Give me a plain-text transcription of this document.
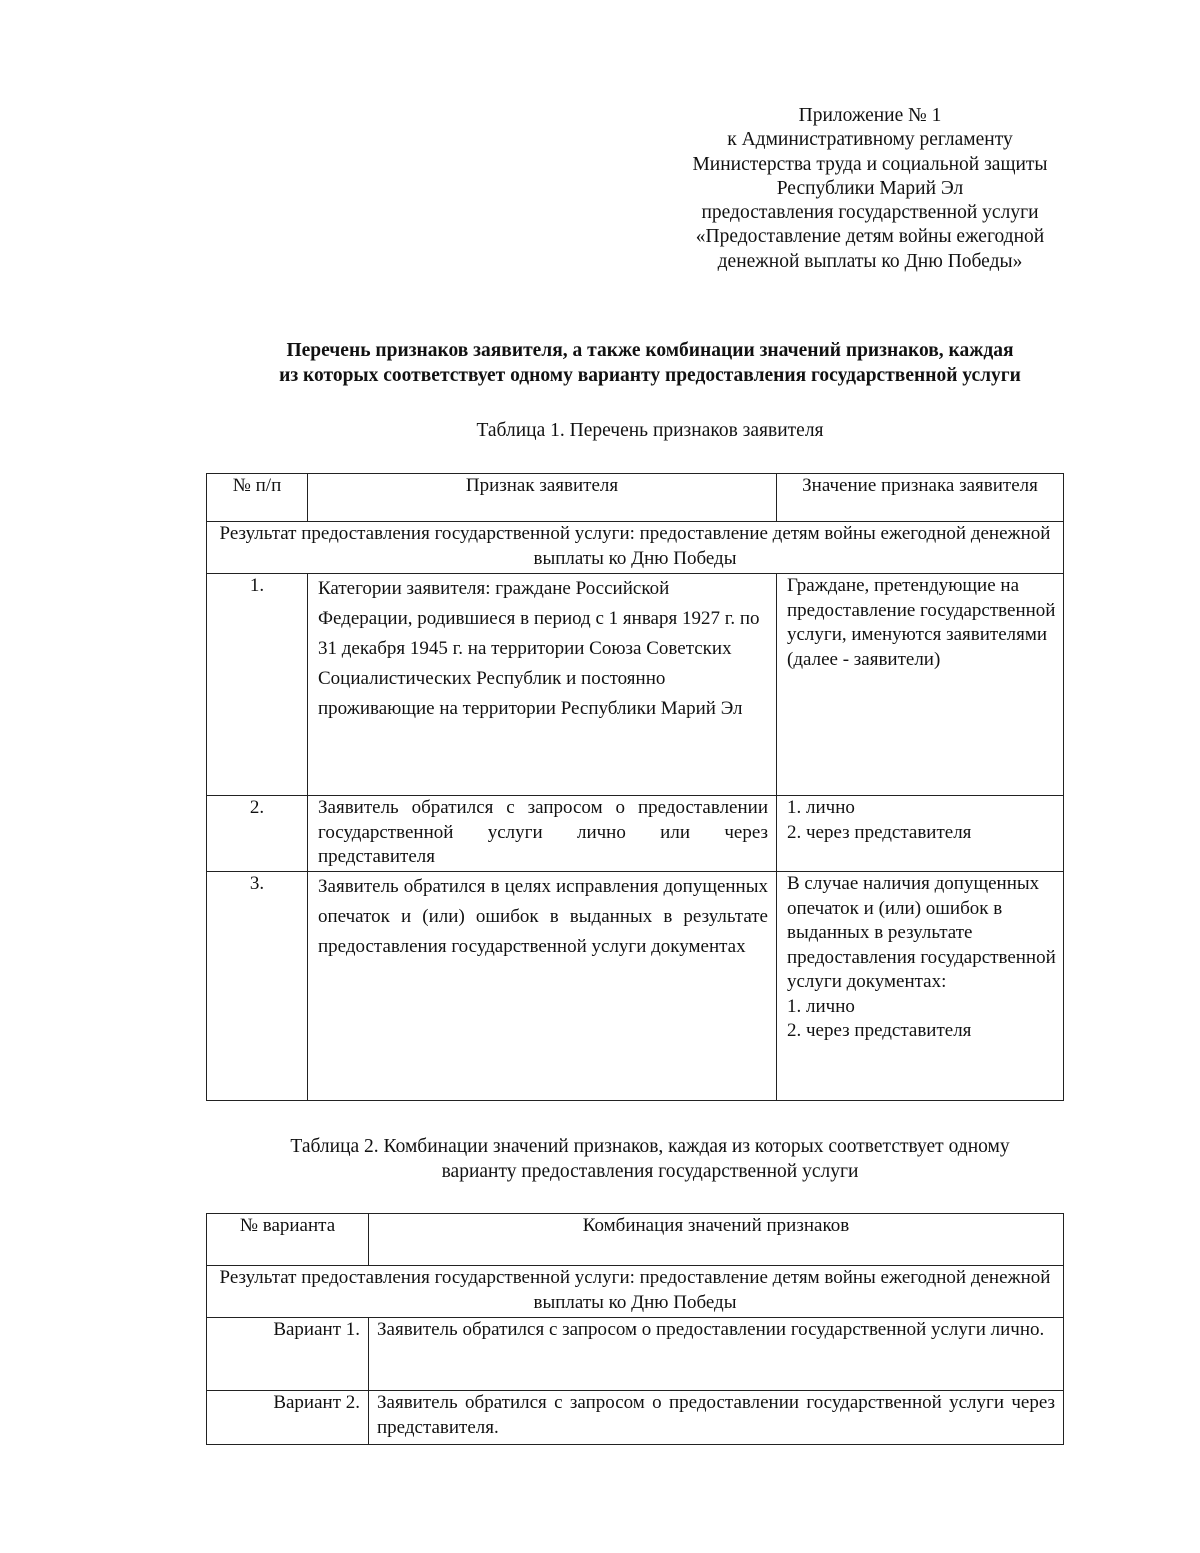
Приложение № 1
к Административному регламенту
Министерства труда и социальной защиты
Республики Марий Эл
предоставления государственной услуги
«Предоставление детям войны ежегодной
денежной выплаты ко Дню Победы»
Перечень признаков заявителя, а также комбинации значений признаков, каждая
из которых соответствует одному варианту предоставления государственной услуги
Таблица 1. Перечень признаков заявителя
№ п/п	Признак заявителя	Значение признака заявителя
Результат предоставления государственной услуги: предоставление детям войны ежегодной денежной выплаты ко Дню Победы		
1.	Категории заявителя: граждане Российской Федерации, родившиеся в период с 1 января 1927 г. по 31 декабря 1945 г. на территории Союза Советских Социалистических Республик и постоянно проживающие на территории Республики Марий Эл	Граждане, претендующие на предоставление государственной услуги, именуются заявителями (далее - заявители)
2.	Заявитель обратился с запросом о предоставлении государственной услуги лично или через представителя	1. лично
2. через представителя

3.	Заявитель обратился в целях исправления допущенных опечаток и (или) ошибок в выданных в результате предоставления государственной услуги документах	В случае наличия допущенных опечаток и (или) ошибок в выданных в результате предоставления государственной услуги документах:
1. лично
2. через представителя
Таблица 2. Комбинации значений признаков, каждая из которых соответствует одному
варианту предоставления государственной услуги
№ варианта	Комбинация значений признаков
Результат предоставления государственной услуги: предоставление детям войны ежегодной денежной выплаты ко Дню Победы	
Вариант 1.	Заявитель обратился с запросом о предоставлении государственной услуги лично.
Вариант 2.	Заявитель обратился с запросом о предоставлении государственной услуги через представителя.
